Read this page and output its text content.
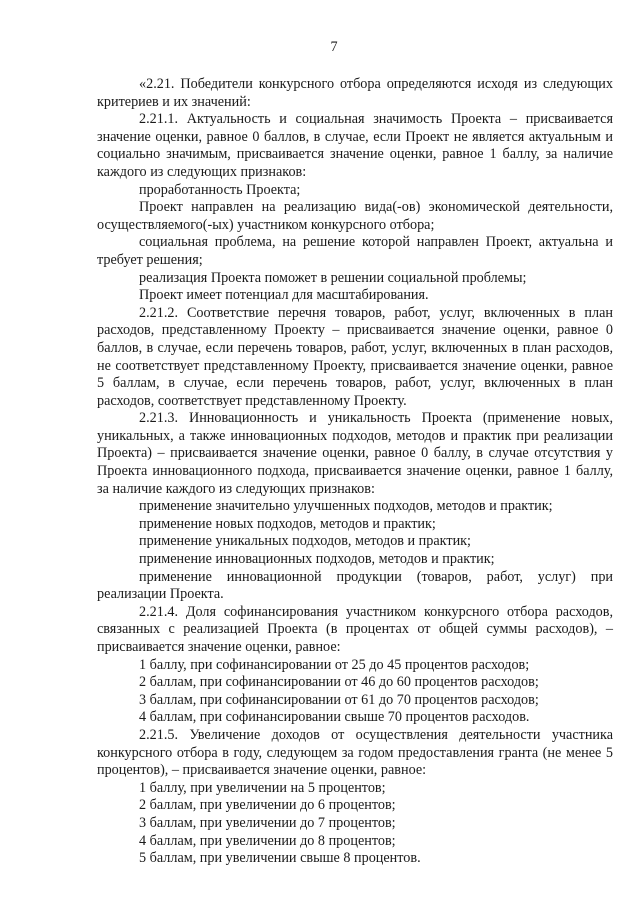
7

«2.21. Победители конкурсного отбора определяются исходя из следующих критериев и их значений:

2.21.1. Актуальность и социальная значимость Проекта – присваивается значение оценки, равное 0 баллов, в случае, если Проект не является актуальным и социально значимым, присваивается значение оценки, равное 1 баллу, за наличие каждого из следующих признаков:

проработанность Проекта;

Проект направлен на реализацию вида(-ов) экономической деятельности, осуществляемого(-ых) участником конкурсного отбора;

социальная проблема, на решение которой направлен Проект, актуальна и требует решения;

реализация Проекта поможет в решении социальной проблемы;

Проект имеет потенциал для масштабирования.

2.21.2. Соответствие перечня товаров, работ, услуг, включенных в план расходов, представленному Проекту – присваивается значение оценки, равное 0 баллов, в случае, если перечень товаров, работ, услуг, включенных в план расходов, не соответствует представленному Проекту, присваивается значение оценки, равное 5 баллам, в случае, если перечень товаров, работ, услуг, включенных в план расходов, соответствует представленному Проекту.

2.21.3. Инновационность и уникальность Проекта (применение новых, уникальных, а также инновационных подходов, методов и практик при реализации Проекта) – присваивается значение оценки, равное 0 баллу, в случае отсутствия у Проекта инновационного подхода, присваивается значение оценки, равное 1 баллу, за наличие каждого из следующих признаков:

применение значительно улучшенных подходов, методов и практик;

применение новых подходов, методов и практик;

применение уникальных подходов, методов и практик;

применение инновационных подходов, методов и практик;

применение инновационной продукции (товаров, работ, услуг) при реализации Проекта.

2.21.4. Доля софинансирования участником конкурсного отбора расходов, связанных с реализацией Проекта (в процентах от общей суммы расходов), – присваивается значение оценки, равное:

1 баллу, при софинансировании от 25 до 45 процентов расходов;

2 баллам, при софинансировании от 46 до 60 процентов расходов;

3 баллам, при софинансировании от 61 до 70 процентов расходов;

4 баллам, при софинансировании свыше 70 процентов расходов.

2.21.5. Увеличение доходов от осуществления деятельности участника конкурсного отбора в году, следующем за годом предоставления гранта (не менее 5 процентов), – присваивается значение оценки, равное:

1 баллу, при увеличении на 5 процентов;

2 баллам, при увеличении до 6 процентов;

3 баллам, при увеличении до 7 процентов;

4 баллам, при увеличении до 8 процентов;

5 баллам, при увеличении свыше 8 процентов.
